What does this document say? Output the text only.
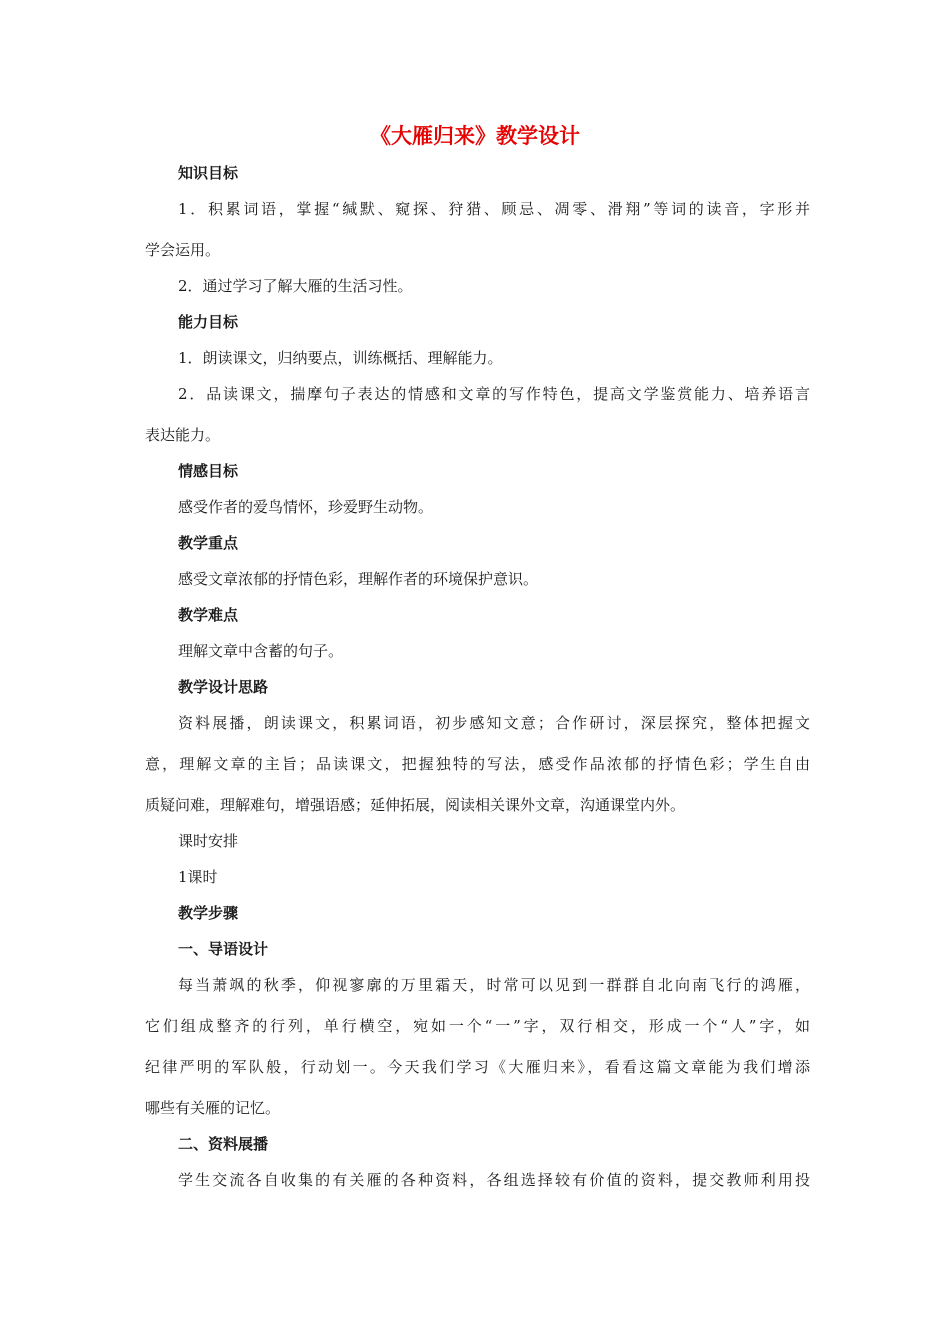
《大雁归来》教学设计
知识目标
1．积累词语，掌握“缄默、窥探、狩猎、顾忌、凋零、滑翔”等词的读音，字形并
学会运用。
2．通过学习了解大雁的生活习性。
能力目标
1．朗读课文，归纳要点，训练概括、理解能力。
2．品读课文，揣摩句子表达的情感和文章的写作特色，提高文学鉴赏能力、培养语言
表达能力。
情感目标
感受作者的爱鸟情怀，珍爱野生动物。
教学重点
感受文章浓郁的抒情色彩，理解作者的环境保护意识。
教学难点
理解文章中含蓄的句子。
教学设计思路
资料展播，朗读课文，积累词语，初步感知文意；合作研讨，深层探究，整体把握文
意，理解文章的主旨；品读课文，把握独特的写法，感受作品浓郁的抒情色彩；学生自由
质疑问难，理解难句，增强语感；延伸拓展，阅读相关课外文章，沟通课堂内外。
课时安排
1课时
教学步骤
一、导语设计
每当萧飒的秋季，仰视寥廓的万里霜天，时常可以见到一群群自北向南飞行的鸿雁，
它们组成整齐的行列，单行横空，宛如一个“一”字，双行相交，形成一个“人”字，如
纪律严明的军队般，行动划一。今天我们学习《大雁归来》，看看这篇文章能为我们增添
哪些有关雁的记忆。
二、资料展播
学生交流各自收集的有关雁的各种资料，各组选择较有价值的资料，提交教师利用投
